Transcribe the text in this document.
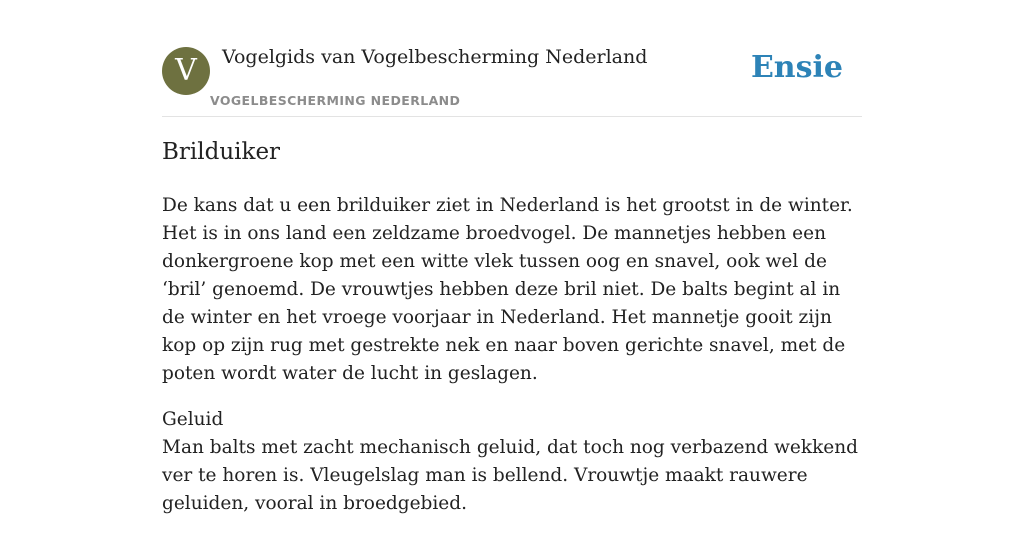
V	Vogelgids van Vogelbescherming Nederland
VOGELBESCHERMING NEDERLAND
Ensie
Brilduiker

De kans dat u een brilduiker ziet in Nederland is het grootst in de winter. Het is in ons land een zeldzame broedvogel. De mannetjes hebben een donkergroene kop met een witte vlek tussen oog en snavel, ook wel de ‘bril’ genoemd. De vrouwtjes hebben deze bril niet. De balts begint al in de winter en het vroege voorjaar in Nederland. Het mannetje gooit zijn kop op zijn rug met gestrekte nek en naar boven gerichte snavel, met de poten wordt water de lucht in geslagen.

Geluid
Man balts met zacht mechanisch geluid, dat toch nog verbazend wekkend ver te horen is. Vleugelslag man is bellend. Vrouwtje maakt rauwere geluiden, vooral in broedgebied.
